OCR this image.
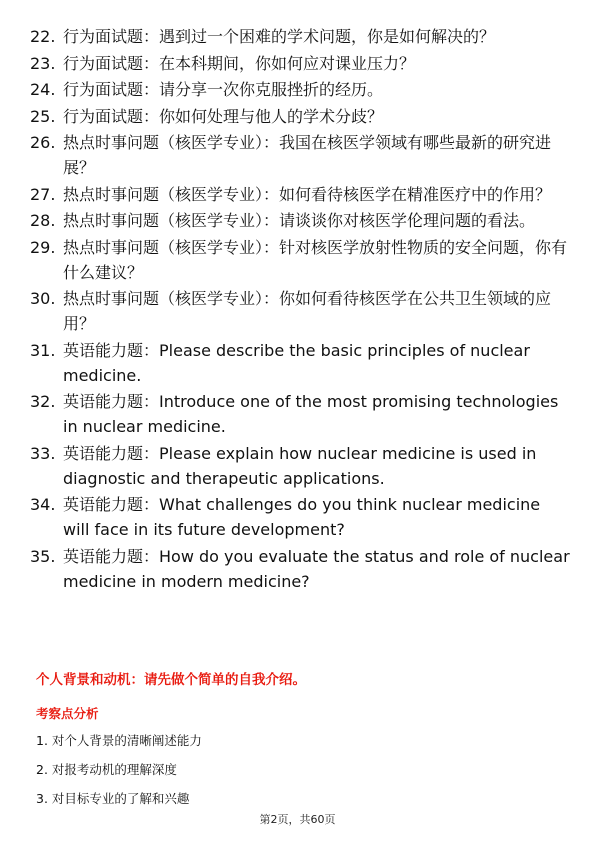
22. 行为面试题：遇到过一个困难的学术问题，你是如何解决的？
23. 行为面试题：在本科期间，你如何应对课业压力？
24. 行为面试题：请分享一次你克服挫折的经历。
25. 行为面试题：你如何处理与他人的学术分歧？
26. 热点时事问题（核医学专业）：我国在核医学领域有哪些最新的研究进展？
27. 热点时事问题（核医学专业）：如何看待核医学在精准医疗中的作用？
28. 热点时事问题（核医学专业）：请谈谈你对核医学伦理问题的看法。
29. 热点时事问题（核医学专业）：针对核医学放射性物质的安全问题，你有什么建议？
30. 热点时事问题（核医学专业）：你如何看待核医学在公共卫生领域的应用？
31. 英语能力题：Please describe the basic principles of nuclear medicine.
32. 英语能力题：Introduce one of the most promising technologies in nuclear medicine.
33. 英语能力题：Please explain how nuclear medicine is used in diagnostic and therapeutic applications.
34. 英语能力题：What challenges do you think nuclear medicine will face in its future development?
35. 英语能力题：How do you evaluate the status and role of nuclear medicine in modern medicine?
个人背景和动机：请先做个简单的自我介绍。
考察点分析
1. 对个人背景的清晰阐述能力
2. 对报考动机的理解深度
3. 对目标专业的了解和兴趣
第2页，共60页
